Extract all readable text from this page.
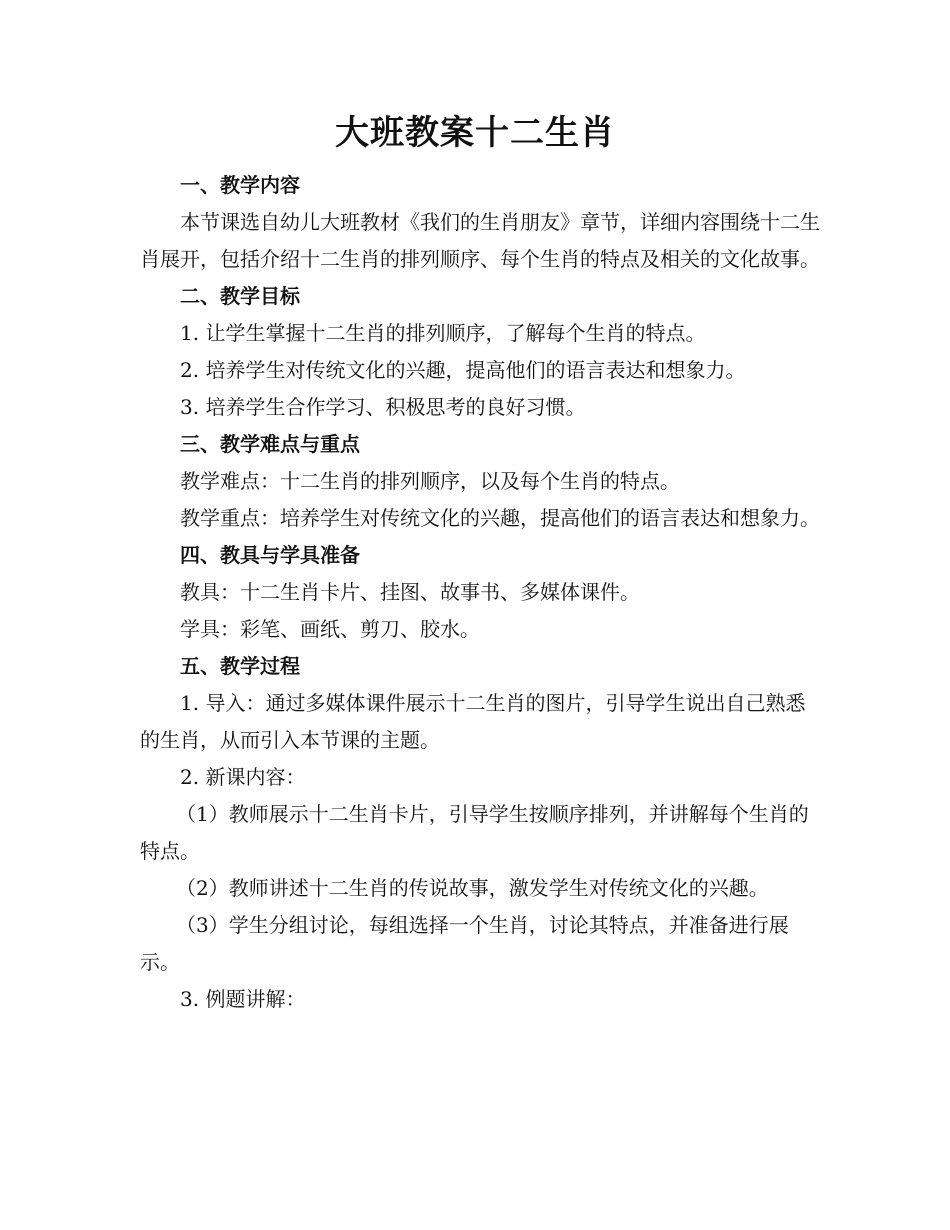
大班教案十二生肖

一、教学内容

本节课选自幼儿大班教材《我们的生肖朋友》章节，详细内容围绕十二生肖展开，包括介绍十二生肖的排列顺序、每个生肖的特点及相关的文化故事。

二、教学目标

1. 让学生掌握十二生肖的排列顺序，了解每个生肖的特点。

2. 培养学生对传统文化的兴趣，提高他们的语言表达和想象力。

3. 培养学生合作学习、积极思考的良好习惯。

三、教学难点与重点

教学难点：十二生肖的排列顺序，以及每个生肖的特点。

教学重点：培养学生对传统文化的兴趣，提高他们的语言表达和想象力。

四、教具与学具准备

教具：十二生肖卡片、挂图、故事书、多媒体课件。

学具：彩笔、画纸、剪刀、胶水。

五、教学过程

1. 导入：通过多媒体课件展示十二生肖的图片，引导学生说出自己熟悉的生肖，从而引入本节课的主题。

2. 新课内容：

（1）教师展示十二生肖卡片，引导学生按顺序排列，并讲解每个生肖的特点。

（2）教师讲述十二生肖的传说故事，激发学生对传统文化的兴趣。

（3）学生分组讨论，每组选择一个生肖，讨论其特点，并准备进行展示。

3. 例题讲解：
